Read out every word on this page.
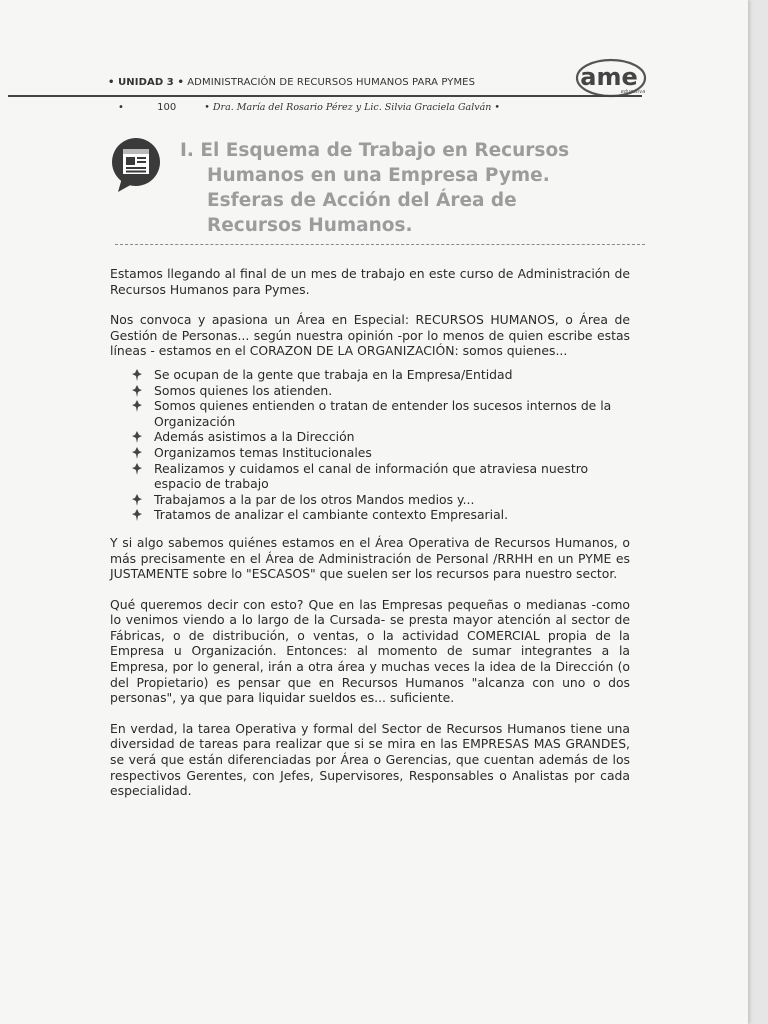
• UNIDAD 3 • ADMINISTRACIÓN DE RECURSOS HUMANOS PARA PYMES	ame
educativa
•	100	• Dra. María del Rosario Pérez y Lic. Silvia Graciela Galván •
I. El Esquema de Trabajo en Recursos
Humanos en una Empresa Pyme.
Esferas de Acción del Área de
Recursos Humanos.

Estamos llegando al final de un mes de trabajo en este curso de Administración de Recursos Humanos para Pymes.

Nos convoca y apasiona un Área en Especial: RECURSOS HUMANOS, o Área de Gestión de Personas... según nuestra opinión -por lo menos de quien escribe estas líneas - estamos en el CORAZON DE LA ORGANIZACIÓN: somos quienes...

Se ocupan de la gente que trabaja en la Empresa/Entidad
Somos quienes los atienden.
Somos quienes entienden o tratan de entender los sucesos internos de la Organización
Además asistimos a la Dirección
Organizamos temas Institucionales
Realizamos y cuidamos el canal de información que atraviesa nuestro espacio de trabajo
Trabajamos a la par de los otros Mandos medios y...
Tratamos de analizar el cambiante contexto Empresarial.

Y si algo sabemos quiénes estamos en el Área Operativa de Recursos Humanos, o más precisamente en el Área de Administración de Personal /RRHH en un PYME es JUSTAMENTE sobre lo "ESCASOS" que suelen ser los recursos para nuestro sector.

Qué queremos decir con esto? Que en las Empresas pequeñas o medianas -como lo venimos viendo a lo largo de la Cursada- se presta mayor atención al sector de Fábricas, o de distribución, o ventas, o la actividad COMERCIAL propia de la Empresa u Organización. Entonces: al momento de sumar integrantes a la Empresa, por lo general, irán a otra área y muchas veces la idea de la Dirección (o del Propietario) es pensar que en Recursos Humanos "alcanza con uno o dos personas", ya que para liquidar sueldos es... suficiente.

En verdad, la tarea Operativa y formal del Sector de Recursos Humanos tiene una diversidad de tareas para realizar que si se mira en las EMPRESAS MAS GRANDES, se verá que están diferenciadas por Área o Gerencias, que cuentan además de los respectivos Gerentes, con Jefes, Supervisores, Responsables o Analistas por cada especialidad.
